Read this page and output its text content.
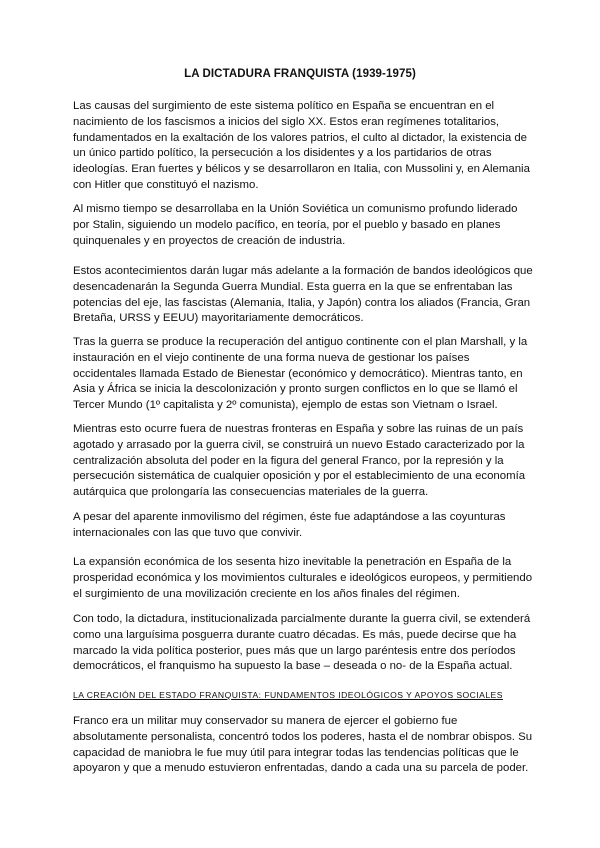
LA DICTADURA FRANQUISTA (1939-1975)

Las causas del surgimiento de este sistema político en España se encuentran en el nacimiento de los fascismos a inicios del siglo XX. Estos eran regímenes totalitarios, fundamentados en la exaltación de los valores patrios, el culto al dictador, la existencia de un único partido político, la persecución a los disidentes y a los partidarios de otras ideologías. Eran fuertes y bélicos y se desarrollaron en Italia, con Mussolini y, en Alemania con Hitler que constituyó el nazismo.

Al mismo tiempo se desarrollaba en la Unión Soviética un comunismo profundo liderado por Stalin, siguiendo un modelo pacífico, en teoría, por el pueblo y basado en planes quinquenales y en proyectos de creación de industria.

Estos acontecimientos darán lugar más adelante a la formación de bandos ideológicos que desencadenarán la Segunda Guerra Mundial. Esta guerra en la que se enfrentaban las potencias del eje, las fascistas (Alemania, Italia, y Japón) contra los aliados (Francia, Gran Bretaña, URSS y EEUU) mayoritariamente democráticos.

Tras la guerra se produce la recuperación del antiguo continente con el plan Marshall, y la instauración en el viejo continente de una forma nueva de gestionar los países occidentales llamada Estado de Bienestar (económico y democrático). Mientras tanto, en Asia y África se inicia la descolonización y pronto surgen conflictos en lo que se llamó el Tercer Mundo (1º capitalista y 2º comunista), ejemplo de estas son Vietnam o Israel.

Mientras esto ocurre fuera de nuestras fronteras en España y sobre las ruinas de un país agotado y arrasado por la guerra civil, se construirá un nuevo Estado caracterizado por la centralización absoluta del poder en la figura del general Franco, por la represión y la persecución sistemática de cualquier oposición y por el establecimiento de una economía autárquica que prolongaría las consecuencias materiales de la guerra.

A pesar del aparente inmovilismo del régimen, éste fue adaptándose a las coyunturas internacionales con las que tuvo que convivir.

La expansión económica de los sesenta hizo inevitable la penetración en España de la prosperidad económica y los movimientos culturales e ideológicos europeos, y permitiendo el surgimiento de una movilización creciente en los años finales del régimen.

Con todo, la dictadura, institucionalizada parcialmente durante la guerra civil, se extenderá como una larguísima posguerra durante cuatro décadas. Es más, puede decirse que ha marcado la vida política posterior, pues más que un largo paréntesis entre dos períodos democráticos, el franquismo ha supuesto la base – deseada o no- de la España actual.

LA CREACIÓN DEL ESTADO FRANQUISTA: FUNDAMENTOS IDEOLÓGICOS Y APOYOS SOCIALES

Franco era un militar muy conservador su manera de ejercer el gobierno fue absolutamente personalista, concentró todos los poderes, hasta el de nombrar obispos. Su capacidad de maniobra le fue muy útil para integrar todas las tendencias políticas que le apoyaron y que a menudo estuvieron enfrentadas, dando a cada una su parcela de poder.
